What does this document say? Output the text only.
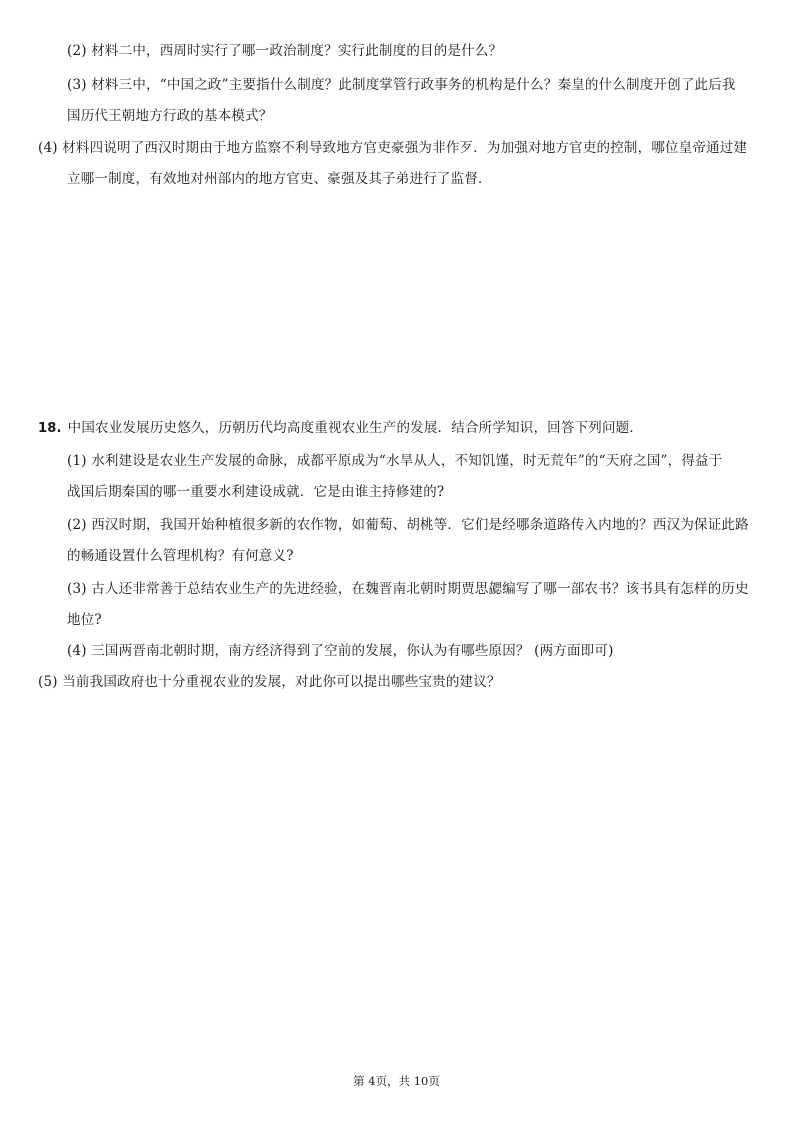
(2) 材料二中，西周时实行了哪一政治制度？实行此制度的目的是什么？
(3) 材料三中，“中国之政”主要指什么制度？此制度掌管行政事务的机构是什么？秦皇的什么制度开创了此后我
国历代王朝地方行政的基本模式？
(4) 材料四说明了西汉时期由于地方监察不利导致地方官吏豪强为非作歹．为加强对地方官吏的控制，哪位皇帝通过建
立哪一制度，有效地对州部内的地方官吏、豪强及其子弟进行了监督．
18. 中国农业发展历史悠久，历朝历代均高度重视农业生产的发展．结合所学知识，回答下列问题．
(1) 水利建设是农业生产发展的命脉，成都平原成为“水旱从人，不知饥馑，时无荒年”的“天府之国”，得益于
战国后期秦国的哪一重要水利建设成就．它是由谁主持修建的?
(2) 西汉时期，我国开始种植很多新的农作物，如葡萄、胡桃等．它们是经哪条道路传入内地的？西汉为保证此路
的畅通设置什么管理机构？有何意义?
(3) 古人还非常善于总结农业生产的先进经验，在魏晋南北朝时期贾思勰编写了哪一部农书？该书具有怎样的历史
地位?
(4) 三国两晋南北朝时期，南方经济得到了空前的发展，你认为有哪些原因？ (两方面即可)
(5) 当前我国政府也十分重视农业的发展，对此你可以提出哪些宝贵的建议？
第 4页，共 10页
